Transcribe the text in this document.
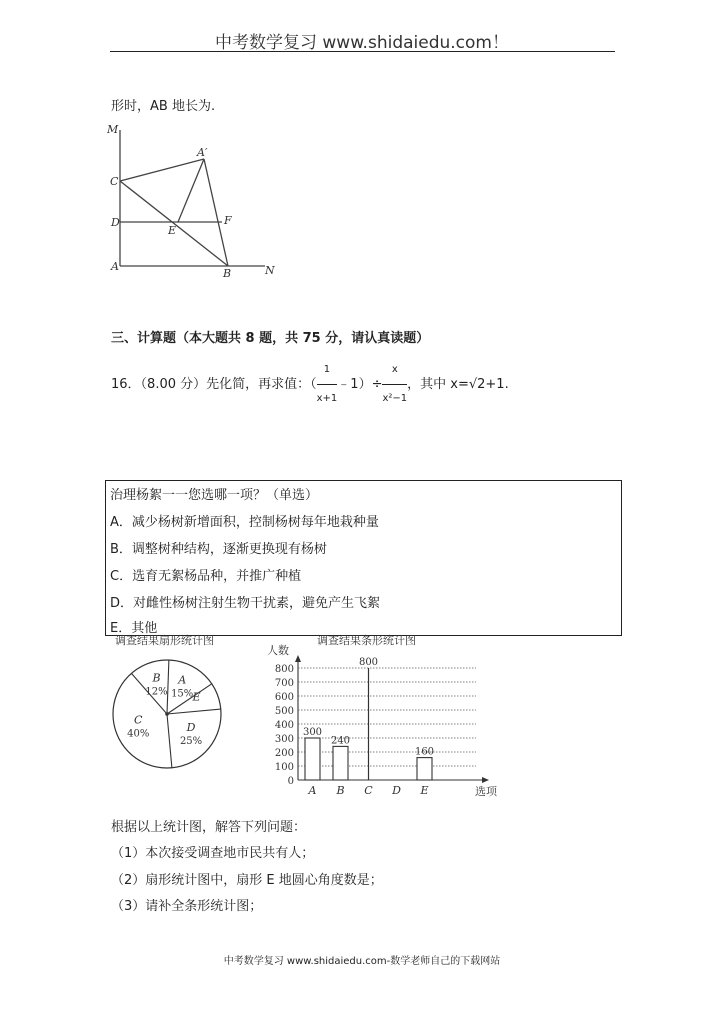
中考数学复习 www.shidaiedu.com！
形时，AB 地长为.
M
A′
C
D
E
F
A
B	N
三、计算题（本大题共 8 题，共 75 分，请认真读题）
16．（8.00 分）先化简，再求值：（ $\frac{1}{x+1}$ ﹣1）÷ $\frac{x}{\text{x²−1}}$ ，其中 x=√2+1.
治理杨絮一一您选哪一项？（单选）
A．减少杨树新增面积，控制杨树每年地栽种量
B．调整树种结构，逐渐更换现有杨树
C．选育无絮杨品种，并推广种植
D．对雌性杨树注射生物干扰素，避免产生飞絮
E．其他
调查结果扇形统计图
A
15% E
D
25%
C
40%
B
12%
调查结果条形统计图
人数
选项
0
100
200
300
400
500
600
700
800
300
A
240
B
800
C D
160
E
根据以上统计图，解答下列问题：
（1）本次接受调查地市民共有人；
（2）扇形统计图中，扇形 E 地圆心角度数是；
（3）请补全条形统计图；
中考数学复习 www.shidaiedu.com-数学老师自己的下载网站
